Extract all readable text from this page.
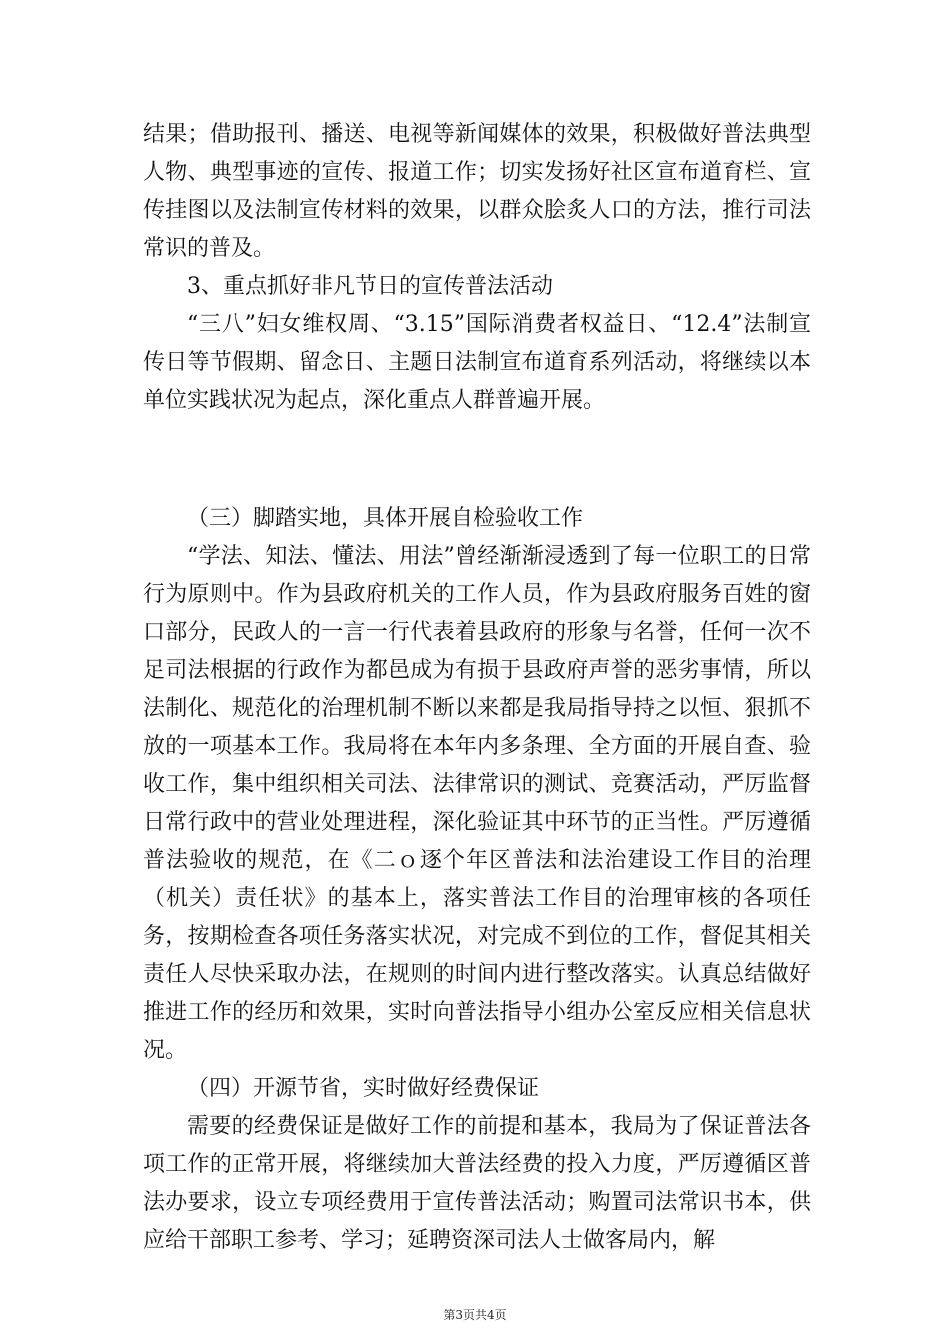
结果；借助报刊、播送、电视等新闻媒体的效果，积极做好普法典型人物、典型事迹的宣传、报道工作；切实发扬好社区宣布道育栏、宣传挂图以及法制宣传材料的效果，以群众脍炙人口的方法，推行司法常识的普及。

3、重点抓好非凡节日的宣传普法活动

“三八”妇女维权周、“3.15”国际消费者权益日、“12.4”法制宣传日等节假期、留念日、主题日法制宣布道育系列活动，将继续以本单位实践状况为起点，深化重点人群普遍开展。

（三）脚踏实地，具体开展自检验收工作

“学法、知法、懂法、用法”曾经渐渐浸透到了每一位职工的日常行为原则中。作为县政府机关的工作人员，作为县政府服务百姓的窗口部分，民政人的一言一行代表着县政府的形象与名誉，任何一次不足司法根据的行政作为都邑成为有损于县政府声誉的恶劣事情，所以法制化、规范化的治理机制不断以来都是我局指导持之以恒、狠抓不放的一项基本工作。我局将在本年内多条理、全方面的开展自查、验收工作，集中组织相关司法、法律常识的测试、竞赛活动，严厉监督日常行政中的营业处理进程，深化验证其中环节的正当性。严厉遵循普法验收的规范，在《二ｏ逐个年区普法和法治建设工作目的治理（机关）责任状》的基本上，落实普法工作目的治理审核的各项任务，按期检查各项任务落实状况，对完成不到位的工作，督促其相关责任人尽快采取办法，在规则的时间内进行整改落实。认真总结做好推进工作的经历和效果，实时向普法指导小组办公室反应相关信息状况。

（四）开源节省，实时做好经费保证

需要的经费保证是做好工作的前提和基本，我局为了保证普法各项工作的正常开展，将继续加大普法经费的投入力度，严厉遵循区普法办要求，设立专项经费用于宣传普法活动；购置司法常识书本，供应给干部职工参考、学习；延聘资深司法人士做客局内，解

第3页共4页
